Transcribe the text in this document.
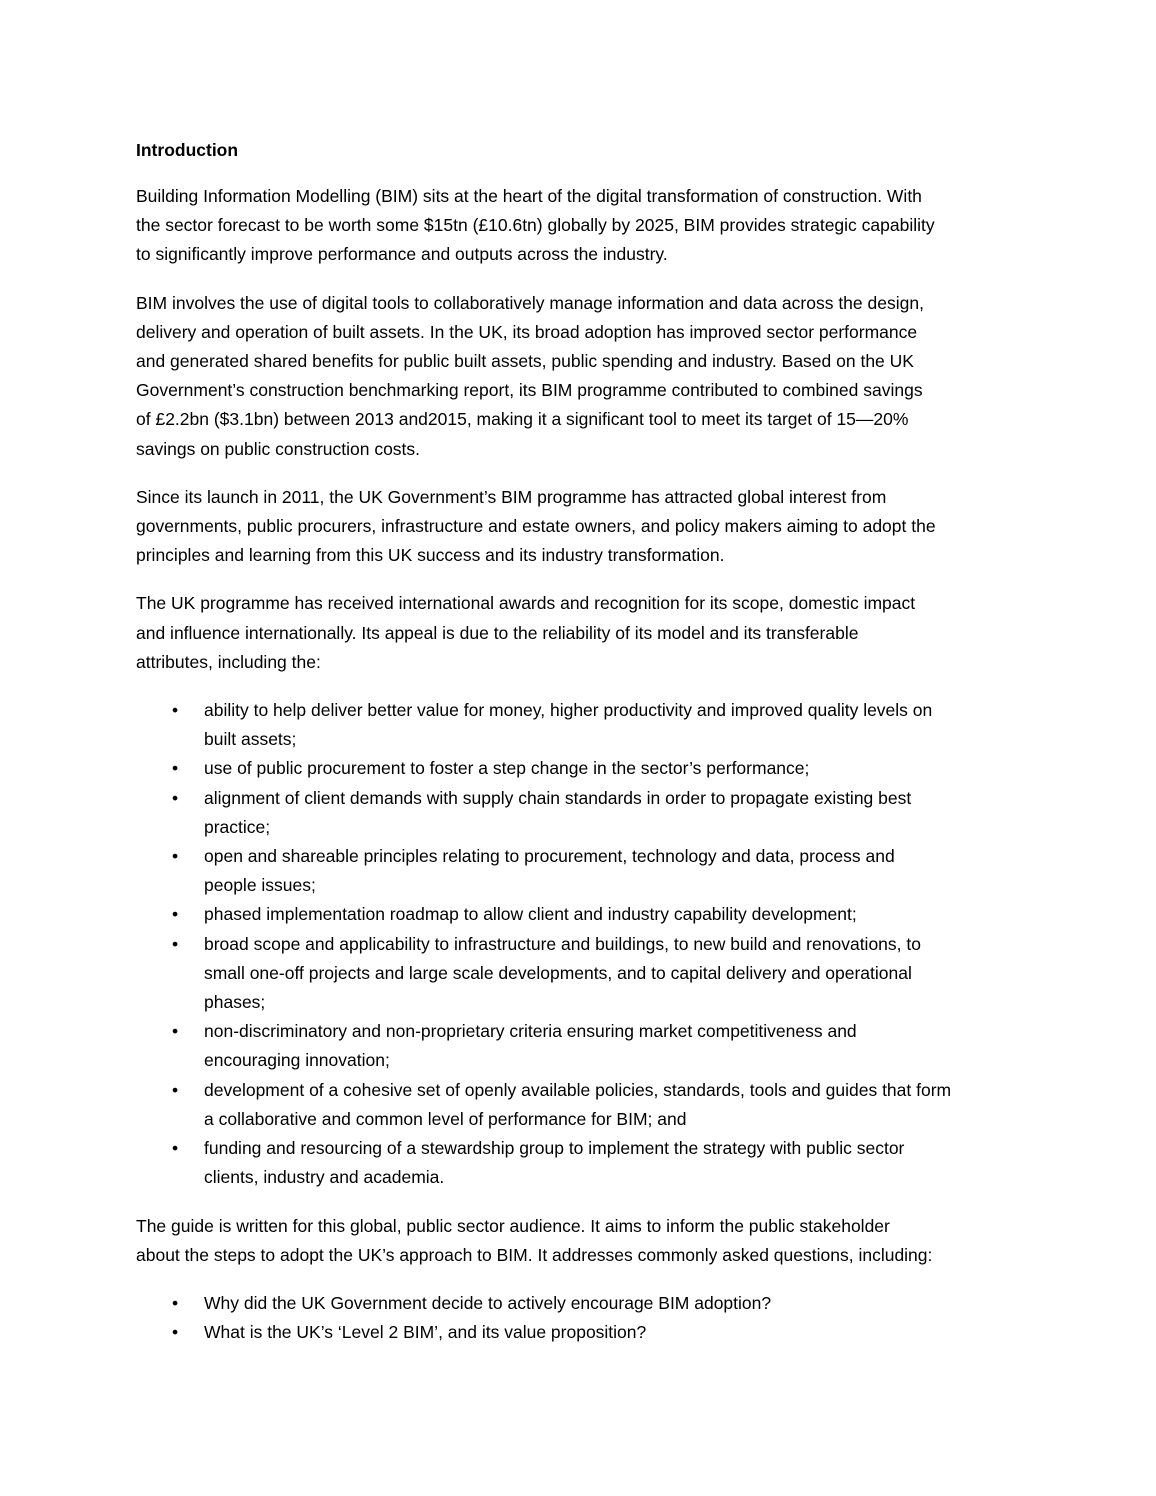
Introduction

Building Information Modelling (BIM) sits at the heart of the digital transformation of construction. With
the sector forecast to be worth some $15tn (£10.6tn) globally by 2025, BIM provides strategic capability
to significantly improve performance and outputs across the industry.

BIM involves the use of digital tools to collaboratively manage information and data across the design,
delivery and operation of built assets. In the UK, its broad adoption has improved sector performance
and generated shared benefits for public built assets, public spending and industry. Based on the UK
Government’s construction benchmarking report, its BIM programme contributed to combined savings
of £2.2bn ($3.1bn) between 2013 and2015, making it a significant tool to meet its target of 15—20%
savings on public construction costs.

Since its launch in 2011, the UK Government’s BIM programme has attracted global interest from
governments, public procurers, infrastructure and estate owners, and policy makers aiming to adopt the
principles and learning from this UK success and its industry transformation.

The UK programme has received international awards and recognition for its scope, domestic impact
and influence internationally. Its appeal is due to the reliability of its model and its transferable
attributes, including the:

• ability to help deliver better value for money, higher productivity and improved quality levels on
built assets;
• use of public procurement to foster a step change in the sector’s performance;
• alignment of client demands with supply chain standards in order to propagate existing best
practice;
• open and shareable principles relating to procurement, technology and data, process and
people issues;
• phased implementation roadmap to allow client and industry capability development;
• broad scope and applicability to infrastructure and buildings, to new build and renovations, to
small one-off projects and large scale developments, and to capital delivery and operational
phases;
• non-discriminatory and non-proprietary criteria ensuring market competitiveness and
encouraging innovation;
• development of a cohesive set of openly available policies, standards, tools and guides that form
a collaborative and common level of performance for BIM; and
• funding and resourcing of a stewardship group to implement the strategy with public sector
clients, industry and academia.

The guide is written for this global, public sector audience. It aims to inform the public stakeholder
about the steps to adopt the UK’s approach to BIM. It addresses commonly asked questions, including:

• Why did the UK Government decide to actively encourage BIM adoption?
• What is the UK’s ‘Level 2 BIM’, and its value proposition?
